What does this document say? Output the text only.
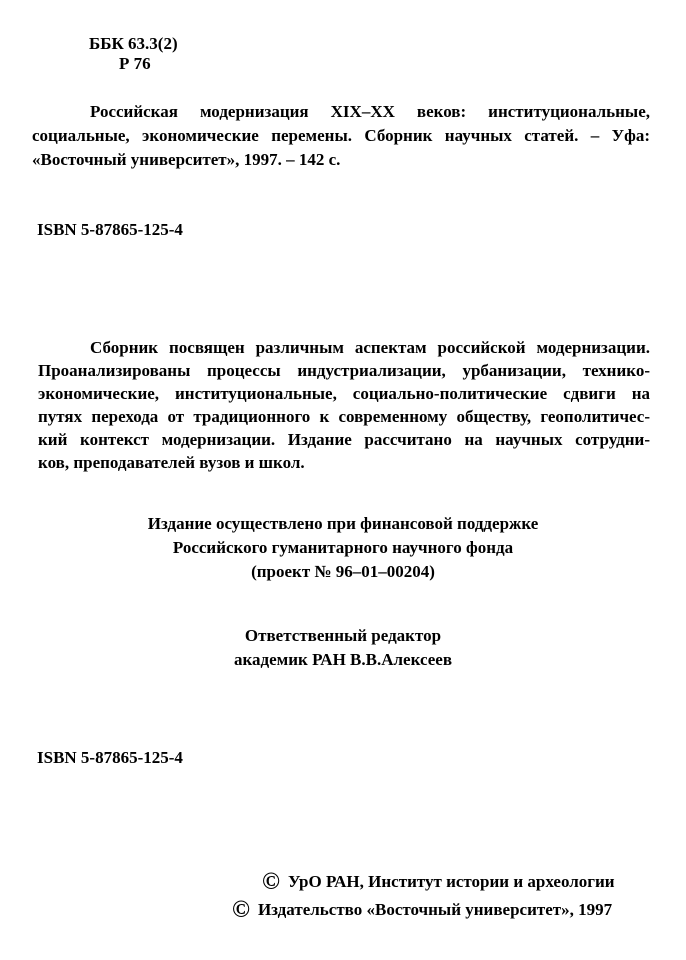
ББК 63.3(2)
Р 76
Российская модернизация XIX–XX веков: институциональные,
социальные, экономические перемены. Сборник научных статей. – Уфа:
«Восточный университет», 1997. – 142 с.
ISBN 5-87865-125-4
Сборник посвящен различным аспектам российской модернизации.
Проанализированы процессы индустриализации, урбанизации, технико-
экономические, институциональные, социально-политические сдвиги на
путях перехода от традиционного к современному обществу, геополитичес-
кий контекст модернизации. Издание рассчитано на научных сотрудни-
ков, преподавателей вузов и школ.
Издание осуществлено при финансовой поддержке
Российского гуманитарного научного фонда
(проект № 96–01–00204)
Ответственный редактор
академик РАН В.В.Алексеев
ISBN 5-87865-125-4
© УрО РАН, Институт истории и археологии
© Издательство «Восточный университет», 1997
